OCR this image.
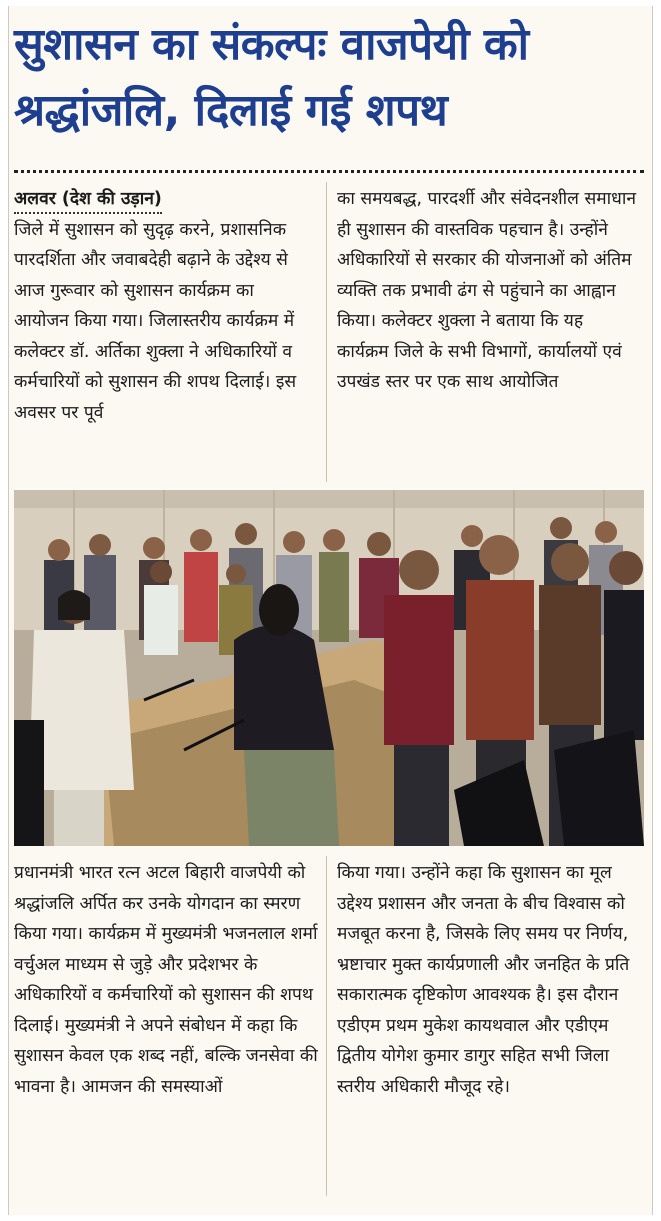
सुशासन का संकल्पः वाजपेयी को
श्रद्धांजलि, दिलाई गई शपथ
अलवर (देश की उड़ान)
जिले में सुशासन को सुदृढ़ करने, प्रशासनिक पारदर्शिता और जवाबदेही बढ़ाने के उद्देश्य से आज गुरूवार को सुशासन कार्यक्रम का आयोजन किया गया। जिलास्तरीय कार्यक्रम में कलेक्टर डॉ. अर्तिका शुक्ला ने अधिकारियों व कर्मचारियों को सुशासन की शपथ दिलाई। इस अवसर पर पूर्व
का समयबद्ध, पारदर्शी और संवेदनशील समाधान ही सुशासन की वास्तविक पहचान है। उन्होंने अधिकारियों से सरकार की योजनाओं को अंतिम व्यक्ति तक प्रभावी ढंग से पहुंचाने का आह्वान किया। कलेक्टर शुक्ला ने बताया कि यह कार्यक्रम जिले के सभी विभागों, कार्यालयों एवं उपखंड स्तर पर एक साथ आयोजित
प्रधानमंत्री भारत रत्न अटल बिहारी वाजपेयी को श्रद्धांजलि अर्पित कर उनके योगदान का स्मरण किया गया। कार्यक्रम में मुख्यमंत्री भजनलाल शर्मा वर्चुअल माध्यम से जुड़े और प्रदेशभर के अधिकारियों व कर्मचारियों को सुशासन की शपथ दिलाई। मुख्यमंत्री ने अपने संबोधन में कहा कि सुशासन केवल एक शब्द नहीं, बल्कि जनसेवा की भावना है। आमजन की समस्याओं
किया गया। उन्होंने कहा कि सुशासन का मूल उद्देश्य प्रशासन और जनता के बीच विश्वास को मजबूत करना है, जिसके लिए समय पर निर्णय, भ्रष्टाचार मुक्त कार्यप्रणाली और जनहित के प्रति सकारात्मक दृष्टिकोण आवश्यक है। इस दौरान एडीएम प्रथम मुकेश कायथवाल और एडीएम द्वितीय योगेश कुमार डागुर सहित सभी जिला स्तरीय अधिकारी मौजूद रहे।
